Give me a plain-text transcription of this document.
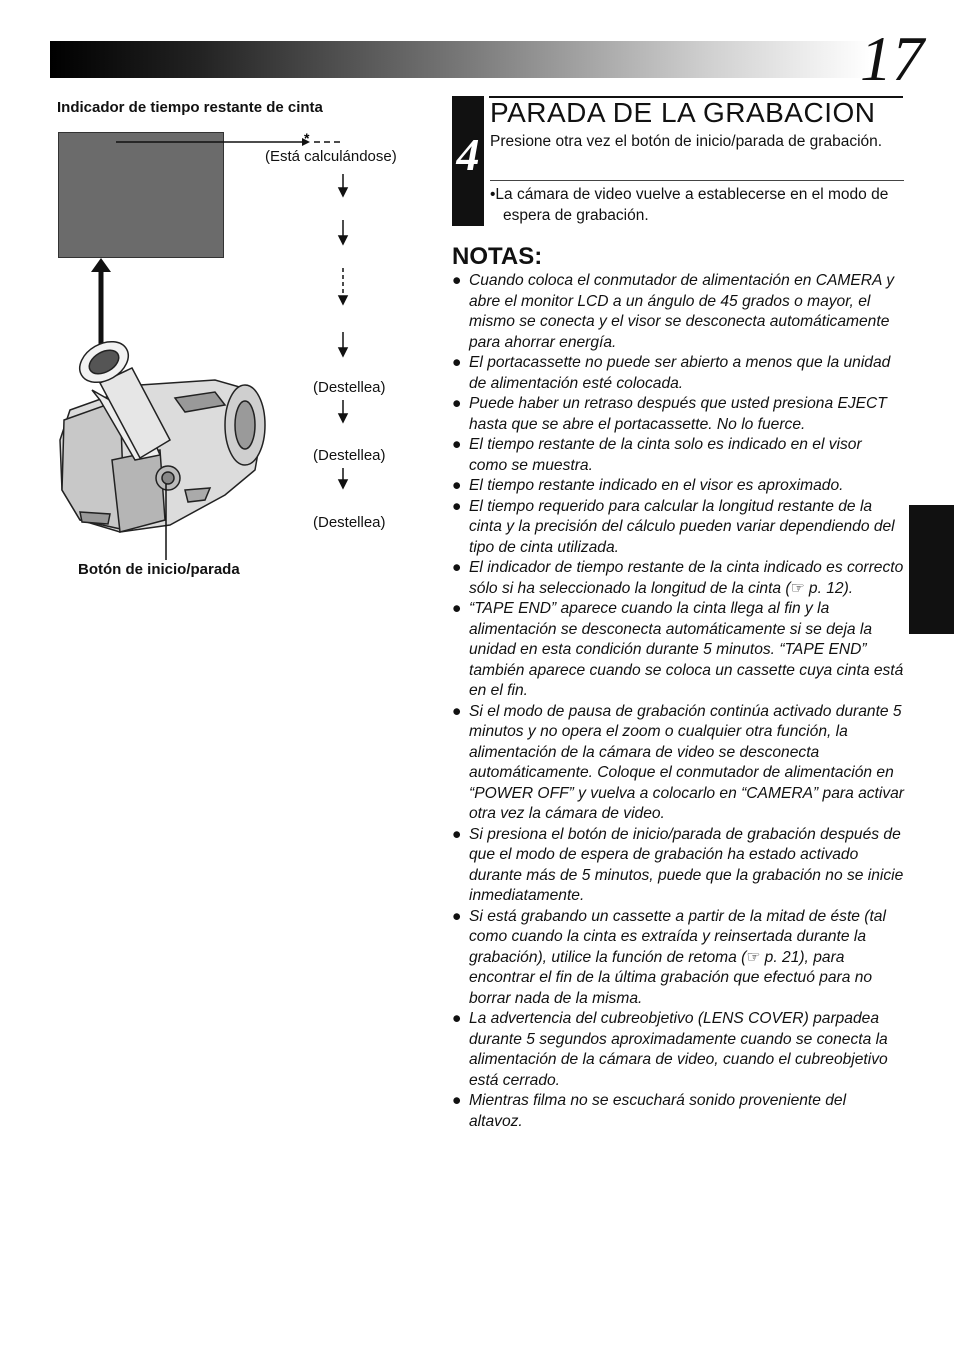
17
Indicador de tiempo restante de cinta
*
(Está calculándose)
(Destellea)
(Destellea)
(Destellea)
Botón de inicio/parada
4
PARADA DE LA GRABACION
Presione otra vez el botón de inicio/parada de grabación.
•La cámara de video vuelve a establecerse en el modo de espera de grabación.
NOTAS:
● Cuando coloca el conmutador de alimentación en CAMERA y abre el monitor LCD a un ángulo de 45 grados o mayor, el mismo se conecta y el visor se desconecta automáticamente para ahorrar energía.
● El portacassette no puede ser abierto a menos que la unidad de alimentación esté colocada.
● Puede haber un retraso después que usted presiona EJECT hasta que se abre el portacassette. No lo fuerce.
● El tiempo restante de la cinta solo es indicado en el visor como se muestra.
● El tiempo restante indicado en el visor es aproximado.
● El tiempo requerido para calcular la longitud restante de la cinta y la precisión del cálculo pueden variar dependiendo del tipo de cinta utilizada.
● El indicador de tiempo restante de la cinta indicado es correcto sólo si ha seleccionado la longitud de la cinta (☞ p. 12).
● “TAPE END” aparece cuando la cinta llega al fin y la alimentación se desconecta automáticamente si se deja la unidad en esta condición durante 5 minutos. “TAPE END” también aparece cuando se coloca un cassette cuya cinta está en el fin.
● Si el modo de pausa de grabación continúa activado durante 5 minutos y no opera el zoom o cualquier otra función, la alimentación de la cámara de video se desconecta automáticamente. Coloque el conmutador de alimentación en “POWER OFF” y vuelva a colocarlo en “CAMERA” para activar otra vez la cámara de video.
● Si presiona el botón de inicio/parada de grabación después de que el modo de espera de grabación ha estado activado durante más de 5 minutos, puede que la grabación no se inicie inmediatamente.
● Si está grabando un cassette a partir de la mitad de éste (tal como cuando la cinta es extraída y reinsertada durante la grabación), utilice la función de retoma (☞ p. 21), para encontrar el fin de la última grabación que efectuó para no borrar nada de la misma.
● La advertencia del cubreobjetivo (LENS COVER) parpadea durante 5 segundos aproximadamente cuando se conecta la alimentación de la cámara de video, cuando el cubreobjetivo está cerrado.
● Mientras filma no se escuchará sonido proveniente del altavoz.
